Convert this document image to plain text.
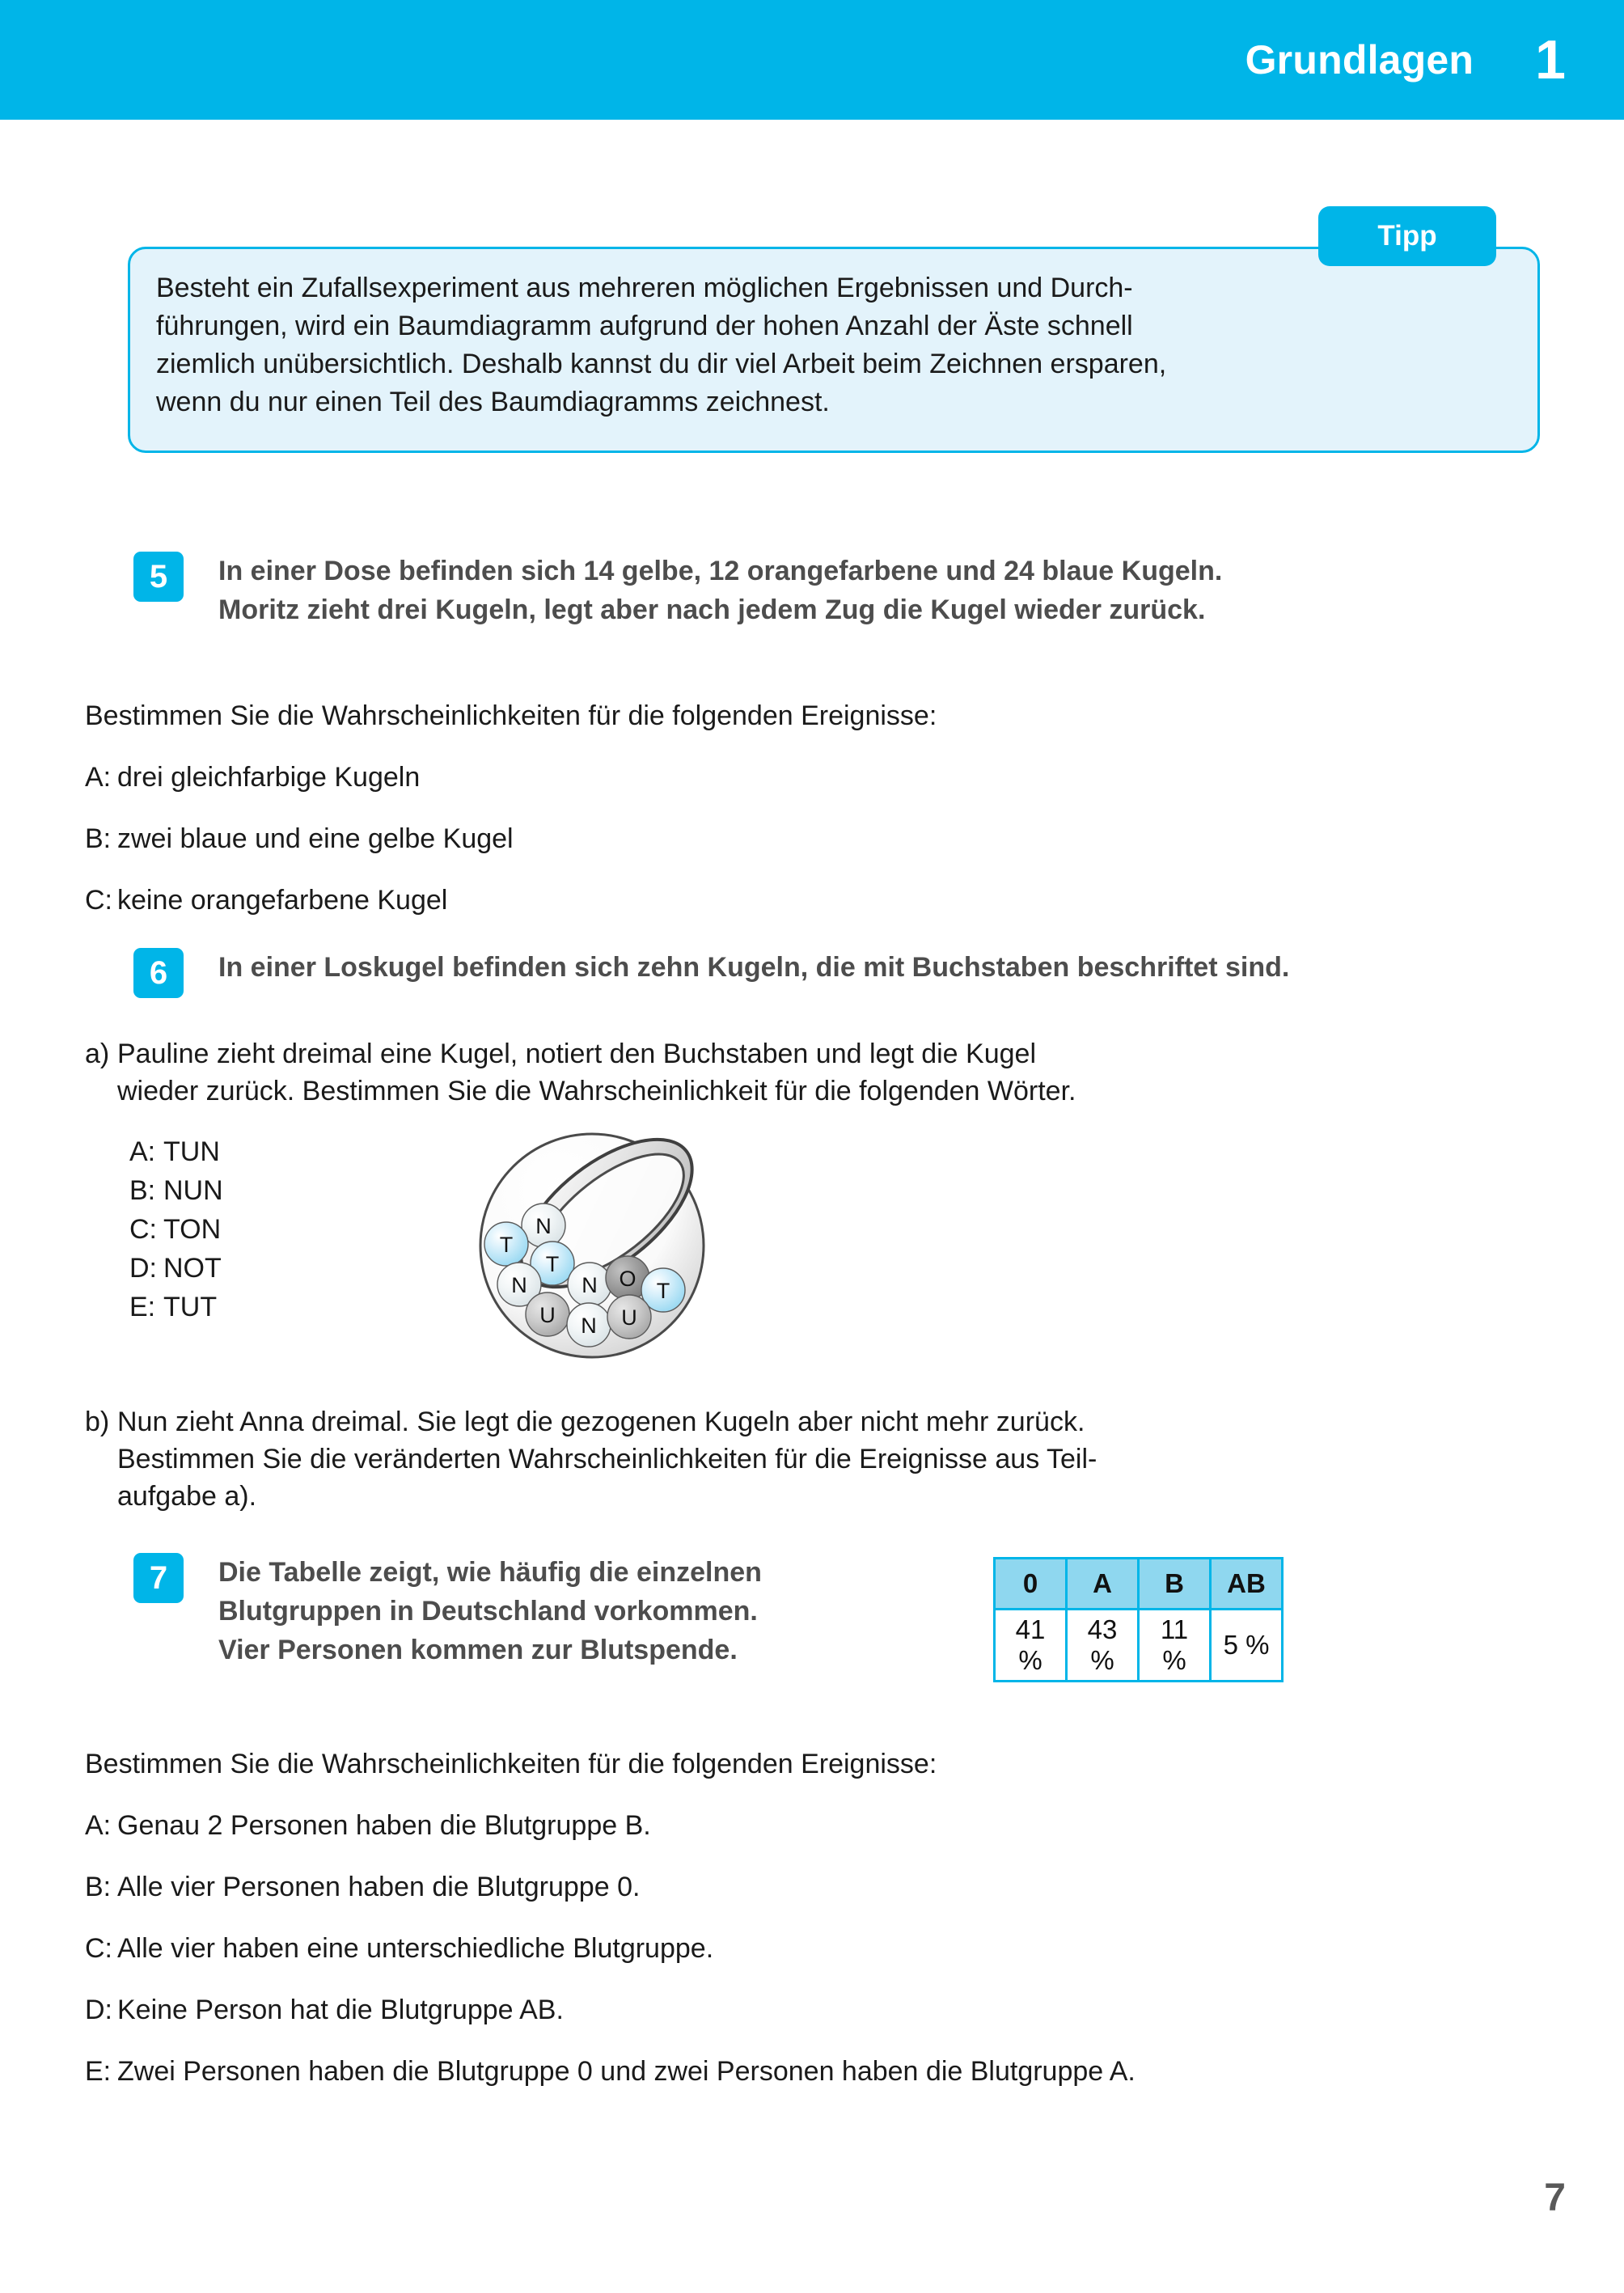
Grundlagen 1
Tipp
Besteht ein Zufallsexperiment aus mehreren möglichen Ergebnissen und Durch-
führungen, wird ein Baumdiagramm aufgrund der hohen Anzahl der Äste schnell
ziemlich unübersichtlich. Deshalb kannst du dir viel Arbeit beim Zeichnen ersparen,
wenn du nur einen Teil des Baumdiagramms zeichnest.
5 In einer Dose befinden sich 14 gelbe, 12 orangefarbene und 24 blaue Kugeln.
Moritz zieht drei Kugeln, legt aber nach jedem Zug die Kugel wieder zurück.
Bestimmen Sie die Wahrscheinlichkeiten für die folgenden Ereignisse:
A: drei gleichfarbige Kugeln
B: zwei blaue und eine gelbe Kugel
C: keine orangefarbene Kugel
6 In einer Loskugel befinden sich zehn Kugeln, die mit Buchstaben beschriftet sind.
a) Pauline zieht dreimal eine Kugel, notiert den Buchstaben und legt die Kugel
wieder zurück. Bestimmen Sie die Wahrscheinlichkeit für die folgenden Wörter.
A: TUN
B: NUN
C: TON
D: NOT
E: TUT
N
T
T
N	N O T
U N U
b) Nun zieht Anna dreimal. Sie legt die gezogenen Kugeln aber nicht mehr zurück.
Bestimmen Sie die veränderten Wahrscheinlichkeiten für die Ereignisse aus Teil-
aufgabe a).
7 Die Tabelle zeigt, wie häufig die einzelnen
Blutgruppen in Deutschland vorkommen.
Vier Personen kommen zur Blutspende.
0	A	B	AB
41 %	43 %	11 %	5 %
Bestimmen Sie die Wahrscheinlichkeiten für die folgenden Ereignisse:
A: Genau 2 Personen haben die Blutgruppe B.
B: Alle vier Personen haben die Blutgruppe 0.
C: Alle vier haben eine unterschiedliche Blutgruppe.
D: Keine Person hat die Blutgruppe AB.
E: Zwei Personen haben die Blutgruppe 0 und zwei Personen haben die Blutgruppe A.
7
